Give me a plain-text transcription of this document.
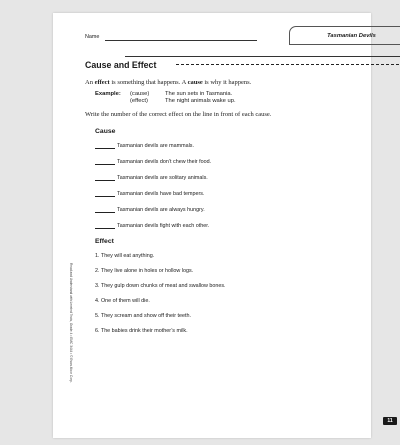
Name	Tasmanian Devils
Cause and Effect
An effect is something that happens. A cause is why it happens.
Example: (cause)	The sun sets in Tasmania.
(effect)	The night animals wake up.
Write the number of the correct effect on the line in front of each cause.
Cause
Tasmanian devils are mammals.
Tasmanian devils don’t chew their food.
Tasmanian devils are solitary animals.
Tasmanian devils have bad tempers.
Tasmanian devils are always hungry.
Tasmanian devils fight with each other.
Effect
1. They will eat anything.
2. They live alone in holes or hollow logs.
3. They gulp down chunks of meat and swallow bones.
4. One of them will die.
5. They scream and show off their teeth.
6. The babies drink their mother’s milk.
Read and Understand with Leveled Texts, Grade 4 • EMC 3444 • © Evan-Moor Corp.
11
